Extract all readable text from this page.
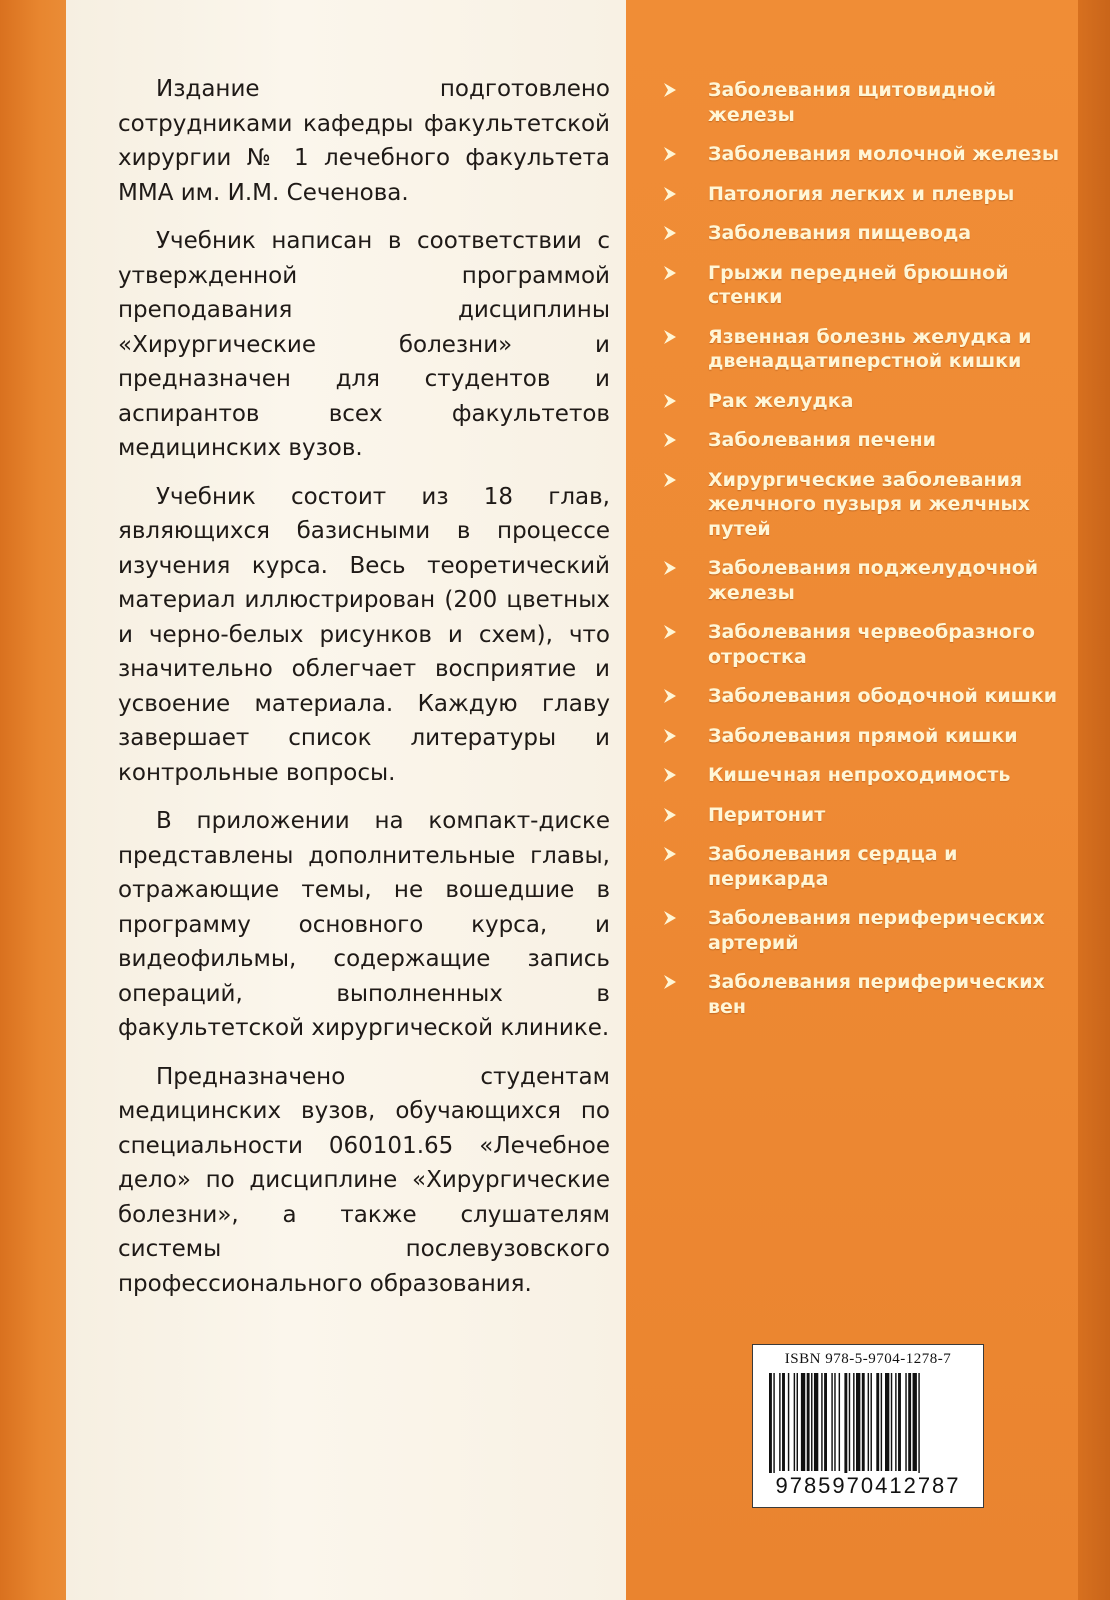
Издание подготовлено сотрудниками кафедры факультетской хирургии № 1 лечебного факультета ММА им. И.М. Сеченова.

Учебник написан в соответствии с утвержденной программой преподавания дисциплины «Хирургические болезни» и предназначен для студентов и аспирантов всех факультетов медицинских вузов.

Учебник состоит из 18 глав, являющихся базисными в процессе изучения курса. Весь теоретический материал иллюстрирован (200 цветных и черно-белых рисунков и схем), что значительно облегчает восприятие и усвоение материала. Каждую главу завершает список литературы и контрольные вопросы.

В приложении на компакт-диске представлены дополнительные главы, отражающие темы, не вошедшие в программу основного курса, и видеофильмы, содержащие запись операций, выполненных в факультетской хирургической клинике.

Предназначено студентам медицинских вузов, обучающихся по специальности 060101.65 «Лечебное дело» по дисциплине «Хирургические болезни», а также слушателям системы послевузовского профессионального образования.

Заболевания щитовидной железы
Заболевания молочной железы
Патология легких и плевры
Заболевания пищевода
Грыжи передней брюшной стенки
Язвенная болезнь желудка и двенадцатиперстной кишки
Рак желудка
Заболевания печени
Хирургические заболевания желчного пузыря и желчных путей
Заболевания поджелудочной железы
Заболевания червеобразного отростка
Заболевания ободочной кишки
Заболевания прямой кишки
Кишечная непроходимость
Перитонит
Заболевания сердца и перикарда
Заболевания периферических артерий
Заболевания периферических вен
ISBN 978-5-9704-1278-7
9785970412787
